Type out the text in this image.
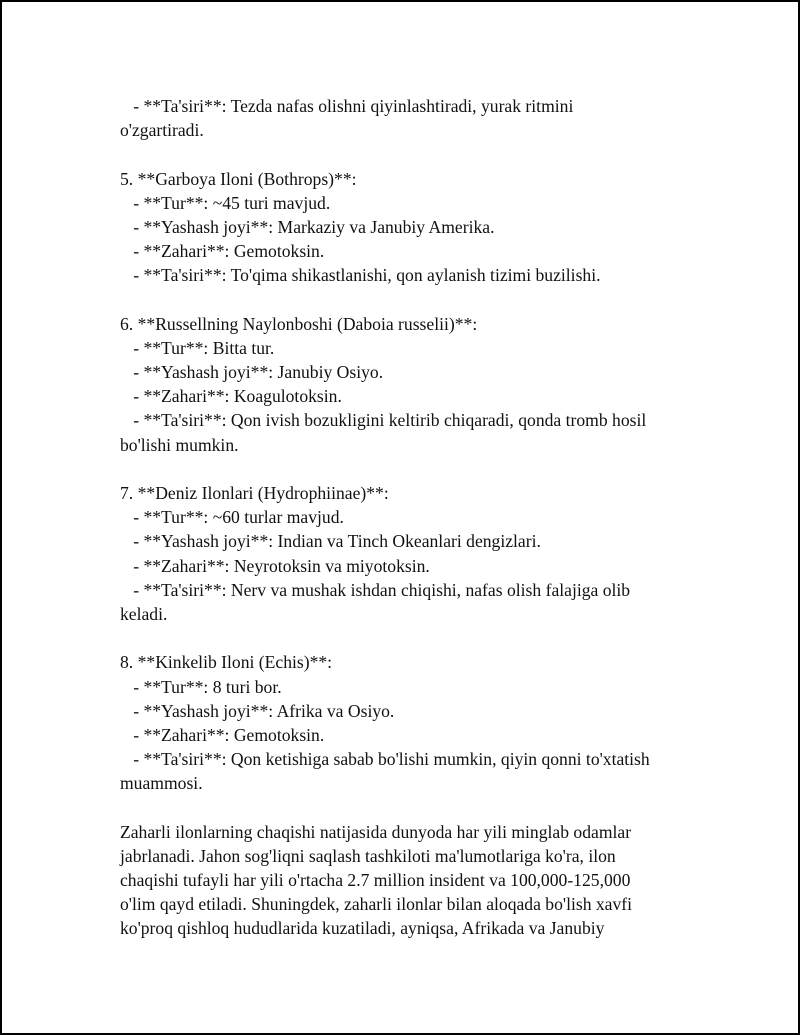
- **Ta'siri**: Tezda nafas olishni qiyinlashtiradi, yurak ritmini
o'zgartiradi.
5. **Garboya Iloni (Bothrops)**:
- **Tur**: ~45 turi mavjud.
- **Yashash joyi**: Markaziy va Janubiy Amerika.
- **Zahari**: Gemotoksin.
- **Ta'siri**: To'qima shikastlanishi, qon aylanish tizimi buzilishi.
6. **Russellning Naylonboshi (Daboia russelii)**:
- **Tur**: Bitta tur.
- **Yashash joyi**: Janubiy Osiyo.
- **Zahari**: Koagulotoksin.
- **Ta'siri**: Qon ivish bozukligini keltirib chiqaradi, qonda tromb hosil
bo'lishi mumkin.
7. **Deniz Ilonlari (Hydrophiinae)**:
- **Tur**: ~60 turlar mavjud.
- **Yashash joyi**: Indian va Tinch Okeanlari dengizlari.
- **Zahari**: Neyrotoksin va miyotoksin.
- **Ta'siri**: Nerv va mushak ishdan chiqishi, nafas olish falajiga olib
keladi.
8. **Kinkelib Iloni (Echis)**:
- **Tur**: 8 turi bor.
- **Yashash joyi**: Afrika va Osiyo.
- **Zahari**: Gemotoksin.
- **Ta'siri**: Qon ketishiga sabab bo'lishi mumkin, qiyin qonni to'xtatish
muammosi.
Zaharli ilonlarning chaqishi natijasida dunyoda har yili minglab odamlar
jabrlanadi. Jahon sog'liqni saqlash tashkiloti ma'lumotlariga ko'ra, ilon
chaqishi tufayli har yili o'rtacha 2.7 million insident va 100,000-125,000
o'lim qayd etiladi. Shuningdek, zaharli ilonlar bilan aloqada bo'lish xavfi
ko'proq qishloq hududlarida kuzatiladi, ayniqsa, Afrikada va Janubiy
